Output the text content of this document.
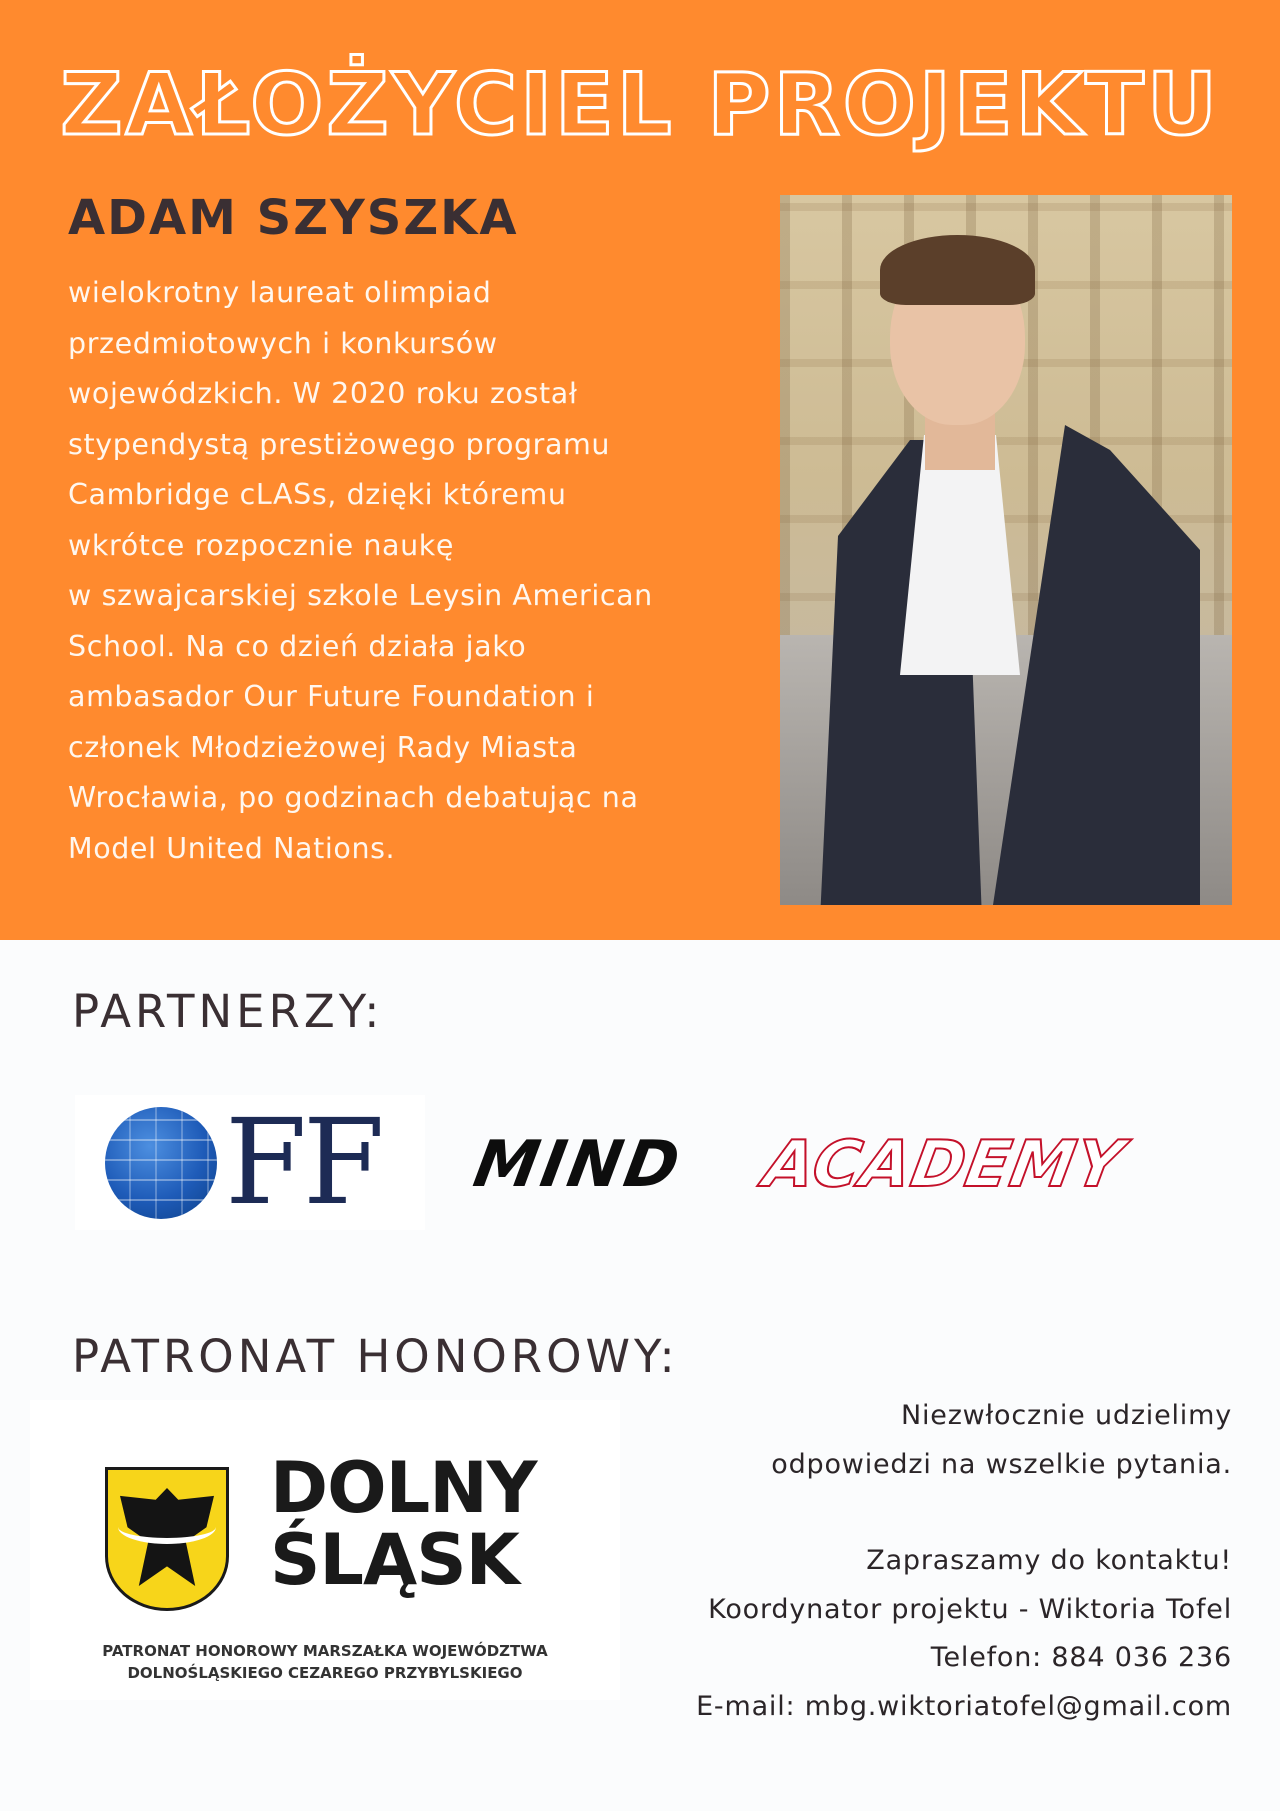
ZAŁOŻYCIEL PROJEKTU
ADAM SZYSZKA
wielokrotny laureat olimpiad
przedmiotowych i konkursów
wojewódzkich. W 2020 roku został
stypendystą prestiżowego programu
Cambridge cLASs, dzięki któremu
wkrótce rozpocznie naukę
w szwajcarskiej szkole Leysin American
School. Na co dzień działa jako
ambasador Our Future Foundation i
członek Młodzieżowej Rady Miasta
Wrocławia, po godzinach debatując na
Model United Nations.
PARTNERZY:
FF MIND ACADEMY
PATRONAT HONOROWY:
DOLNY
ŚLĄSK
PATRONAT HONOROWY MARSZAŁKA WOJEWÓDZTWA
DOLNOŚLĄSKIEGO CEZAREGO PRZYBYLSKIEGO
Niezwłocznie udzielimy
odpowiedzi na wszelkie pytania.
Zapraszamy do kontaktu!
Koordynator projektu - Wiktoria Tofel
Telefon: 884 036 236
E-mail: mbg.wiktoriatofel@gmail.com
